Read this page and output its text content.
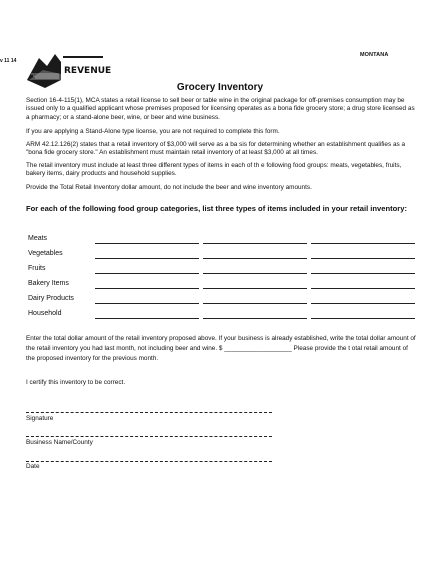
v 11 14
REVENUE
MONTANA
Grocery Inventory
Section 16-4-115(1), MCA states a retail license to sell beer or table wine in the original package for off-premises consumption may be issued only to a qualified applicant whose premises proposed for licensing operates as a bona fide grocery store; a drug store licensed as a pharmacy; or a stand-alone beer, wine, or beer and wine business.
If you are applying a Stand-Alone type license, you are not required to complete this form.
ARM 42.12.126(2) states that a retail inventory of $3,000 will serve as a ba sis for determining whether an establishment qualifies as a "bona fide grocery store." An establishment must maintain retail inventory of at least $3,000 at all times.
The retail inventory must include at least three different types of items in each of th e following food groups: meats, vegetables, fruits, bakery items, dairy products and household supplies.
Provide the Total Retail Inventory dollar amount, do not include the beer and wine inventory amounts.
For each of the following food group categories, list three types of items included in your retail inventory:
Meats
Vegetables
Fruits
Bakery Items
Dairy Products
Household
Enter the total dollar amount of the retail inventory proposed above. If your business is already established, write the total dollar amount of the retail inventory you had last month, not including beer and wine. $ ___________________ Please provide the t otal retail amount of the proposed inventory for the previous month.
I certify this inventory to be correct.
Signature
Business Name/County
Date
